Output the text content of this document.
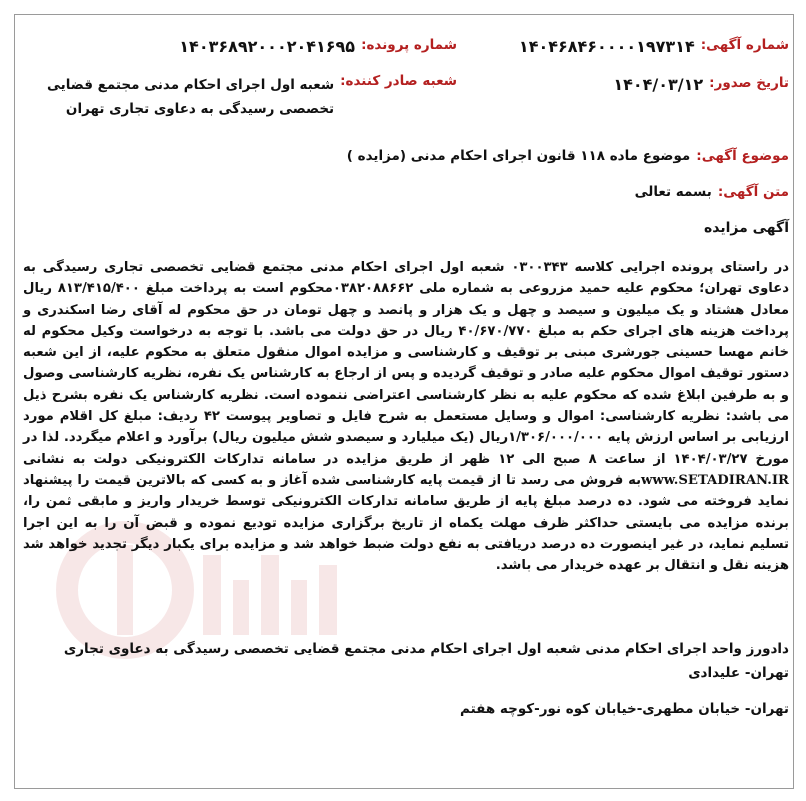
شماره آگهی:
۱۴۰۴۶۸۴۶۰۰۰۰۱۹۷۳۱۴
شماره پرونده:
۱۴۰۳۶۸۹۲۰۰۰۲۰۴۱۶۹۵
تاریخ صدور:
۱۴۰۴/۰۳/۱۲
شعبه صادر کننده:
شعبه اول اجرای احکام مدنی مجتمع قضایی تخصصی رسیدگی به دعاوی تجاری تهران
موضوع آگهی:
موضوع ماده ۱۱۸ قانون اجرای احکام مدنی (مزایده )
متن آگهی:
بسمه تعالی
آگهی مزایده
در راستای پرونده اجرایی کلاسه ۰۳۰۰۳۴۳ شعبه اول اجرای احکام مدنی مجتمع قضایی تخصصی تجاری رسیدگی به دعاوی تهران؛ محکوم علیه حمید مزروعی به شماره ملی ۰۳۸۲۰۸۸۶۶۲محکوم است به پرداخت مبلغ ۸۱۳/۴۱۵/۴۰۰ ریال معادل هشتاد و یک میلیون و سیصد و چهل و یک هزار و پانصد و چهل تومان در حق محکوم له آقای رضا اسکندری و پرداخت هزینه های اجرای حکم به مبلغ ۴۰/۶۷۰/۷۷۰ ریال در حق دولت می باشد. با توجه به درخواست وکیل محکوم له خانم مهسا حسینی جورشری مبنی بر توقیف و کارشناسی و مزایده اموال منقول متعلق به محکوم علیه، از این شعبه دستور توقیف اموال محکوم علیه صادر و توقیف گردیده و پس از ارجاع به کارشناس یک نفره، نظریه کارشناسی وصول و به طرفین ابلاغ شده که محکوم علیه به نظر کارشناسی اعتراضی ننموده است. نظریه کارشناس یک نفره بشرح ذیل می باشد: نظریه کارشناسی: اموال و وسایل مستعمل به شرح فایل و تصاویر پیوست ۴۲ ردیف: مبلغ کل اقلام مورد ارزیابی بر اساس ارزش پایه ۱/۳۰۶/۰۰۰/۰۰۰ریال (یک میلیارد و سیصدو شش میلیون ریال) برآورد و اعلام میگردد. لذا در مورخ ۱۴۰۴/۰۳/۲۷ از ساعت ۸ صبح الی ۱۲ ظهر از طریق مزایده در سامانه تدارکات الکترونیکی دولت به نشانی www.SETADIRAN.IRبه فروش می رسد تا از قیمت پایه کارشناسی شده آغاز و به کسی که بالاترین قیمت را پیشنهاد نماید فروخته می شود. ده درصد مبلغ پایه از طریق سامانه تدارکات الکترونیکی توسط خریدار واریز و مابقی ثمن را، برنده مزایده می بایستی حداکثر ظرف مهلت یکماه از تاریخ برگزاری مزایده تودیع نموده و قبض آن را به این اجرا تسلیم نماید، در غیر اینصورت ده درصد دریافتی به نفع دولت ضبط خواهد شد و مزایده برای یکبار دیگر تجدید خواهد شد هزینه نقل و انتقال بر عهده خریدار می باشد.
دادورز واحد اجرای احکام مدنی شعبه اول اجرای احکام مدنی مجتمع قضایی تخصصی رسیدگی به دعاوی تجاری تهران- علیدادی
تهران- خیابان مطهری-خیابان کوه نور-کوچه هفتم
